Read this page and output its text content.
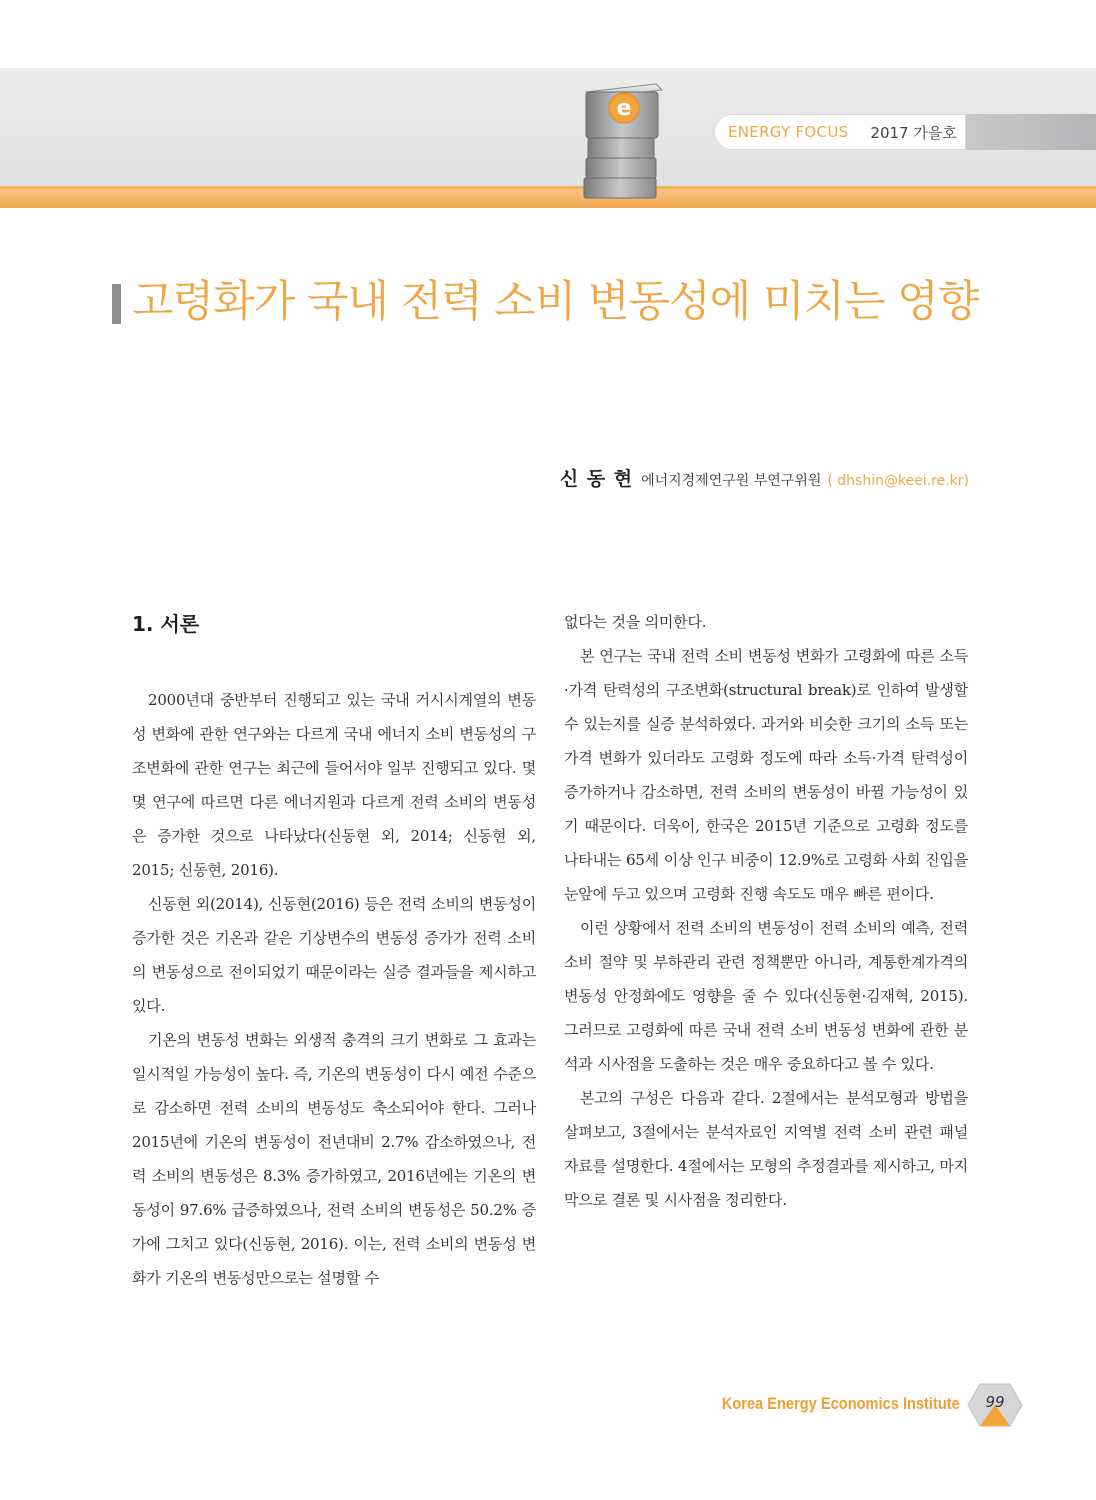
ENERGY FOCUS 2017 가을호
e
고령화가 국내 전력 소비 변동성에 미치는 영향
신 동 현 에너지경제연구원 부연구위원 ( dhshin@keei.re.kr)
1. 서론

2000년대 중반부터 진행되고 있는 국내 거시시계열의 변동성 변화에 관한 연구와는 다르게 국내 에너지 소비 변동성의 구조변화에 관한 연구는 최근에 들어서야 일부 진행되고 있다. 몇몇 연구에 따르면 다른 에너지원과 다르게 전력 소비의 변동성은 증가한 것으로 나타났다(신동현 외, 2014; 신동현 외, 2015; 신동현, 2016).

신동현 외(2014), 신동현(2016) 등은 전력 소비의 변동성이 증가한 것은 기온과 같은 기상변수의 변동성 증가가 전력 소비의 변동성으로 전이되었기 때문이라는 실증 결과들을 제시하고 있다.

기온의 변동성 변화는 외생적 충격의 크기 변화로 그 효과는 일시적일 가능성이 높다. 즉, 기온의 변동성이 다시 예전 수준으로 감소하면 전력 소비의 변동성도 축소되어야 한다. 그러나 2015년에 기온의 변동성이 전년대비 2.7% 감소하였으나, 전력 소비의 변동성은 8.3% 증가하였고, 2016년에는 기온의 변동성이 97.6% 급증하였으나, 전력 소비의 변동성은 50.2% 증가에 그치고 있다(신동현, 2016). 이는, 전력 소비의 변동성 변화가 기온의 변동성만으로는 설명할 수

없다는 것을 의미한다.

본 연구는 국내 전력 소비 변동성 변화가 고령화에 따른 소득·가격 탄력성의 구조변화(structural break)로 인하여 발생할 수 있는지를 실증 분석하였다. 과거와 비슷한 크기의 소득 또는 가격 변화가 있더라도 고령화 정도에 따라 소득·가격 탄력성이 증가하거나 감소하면, 전력 소비의 변동성이 바뀔 가능성이 있기 때문이다. 더욱이, 한국은 2015년 기준으로 고령화 정도를 나타내는 65세 이상 인구 비중이 12.9%로 고령화 사회 진입을 눈앞에 두고 있으며 고령화 진행 속도도 매우 빠른 편이다.

이런 상황에서 전력 소비의 변동성이 전력 소비의 예측, 전력 소비 절약 및 부하관리 관련 정책뿐만 아니라, 계통한계가격의 변동성 안정화에도 영향을 줄 수 있다(신동현·김재혁, 2015). 그러므로 고령화에 따른 국내 전력 소비 변동성 변화에 관한 분석과 시사점을 도출하는 것은 매우 중요하다고 볼 수 있다.

본고의 구성은 다음과 같다. 2절에서는 분석모형과 방법을 살펴보고, 3절에서는 분석자료인 지역별 전력 소비 관련 패널 자료를 설명한다. 4절에서는 모형의 추정결과를 제시하고, 마지막으로 결론 및 시사점을 정리한다.

Korea Energy Economics Institute	99
